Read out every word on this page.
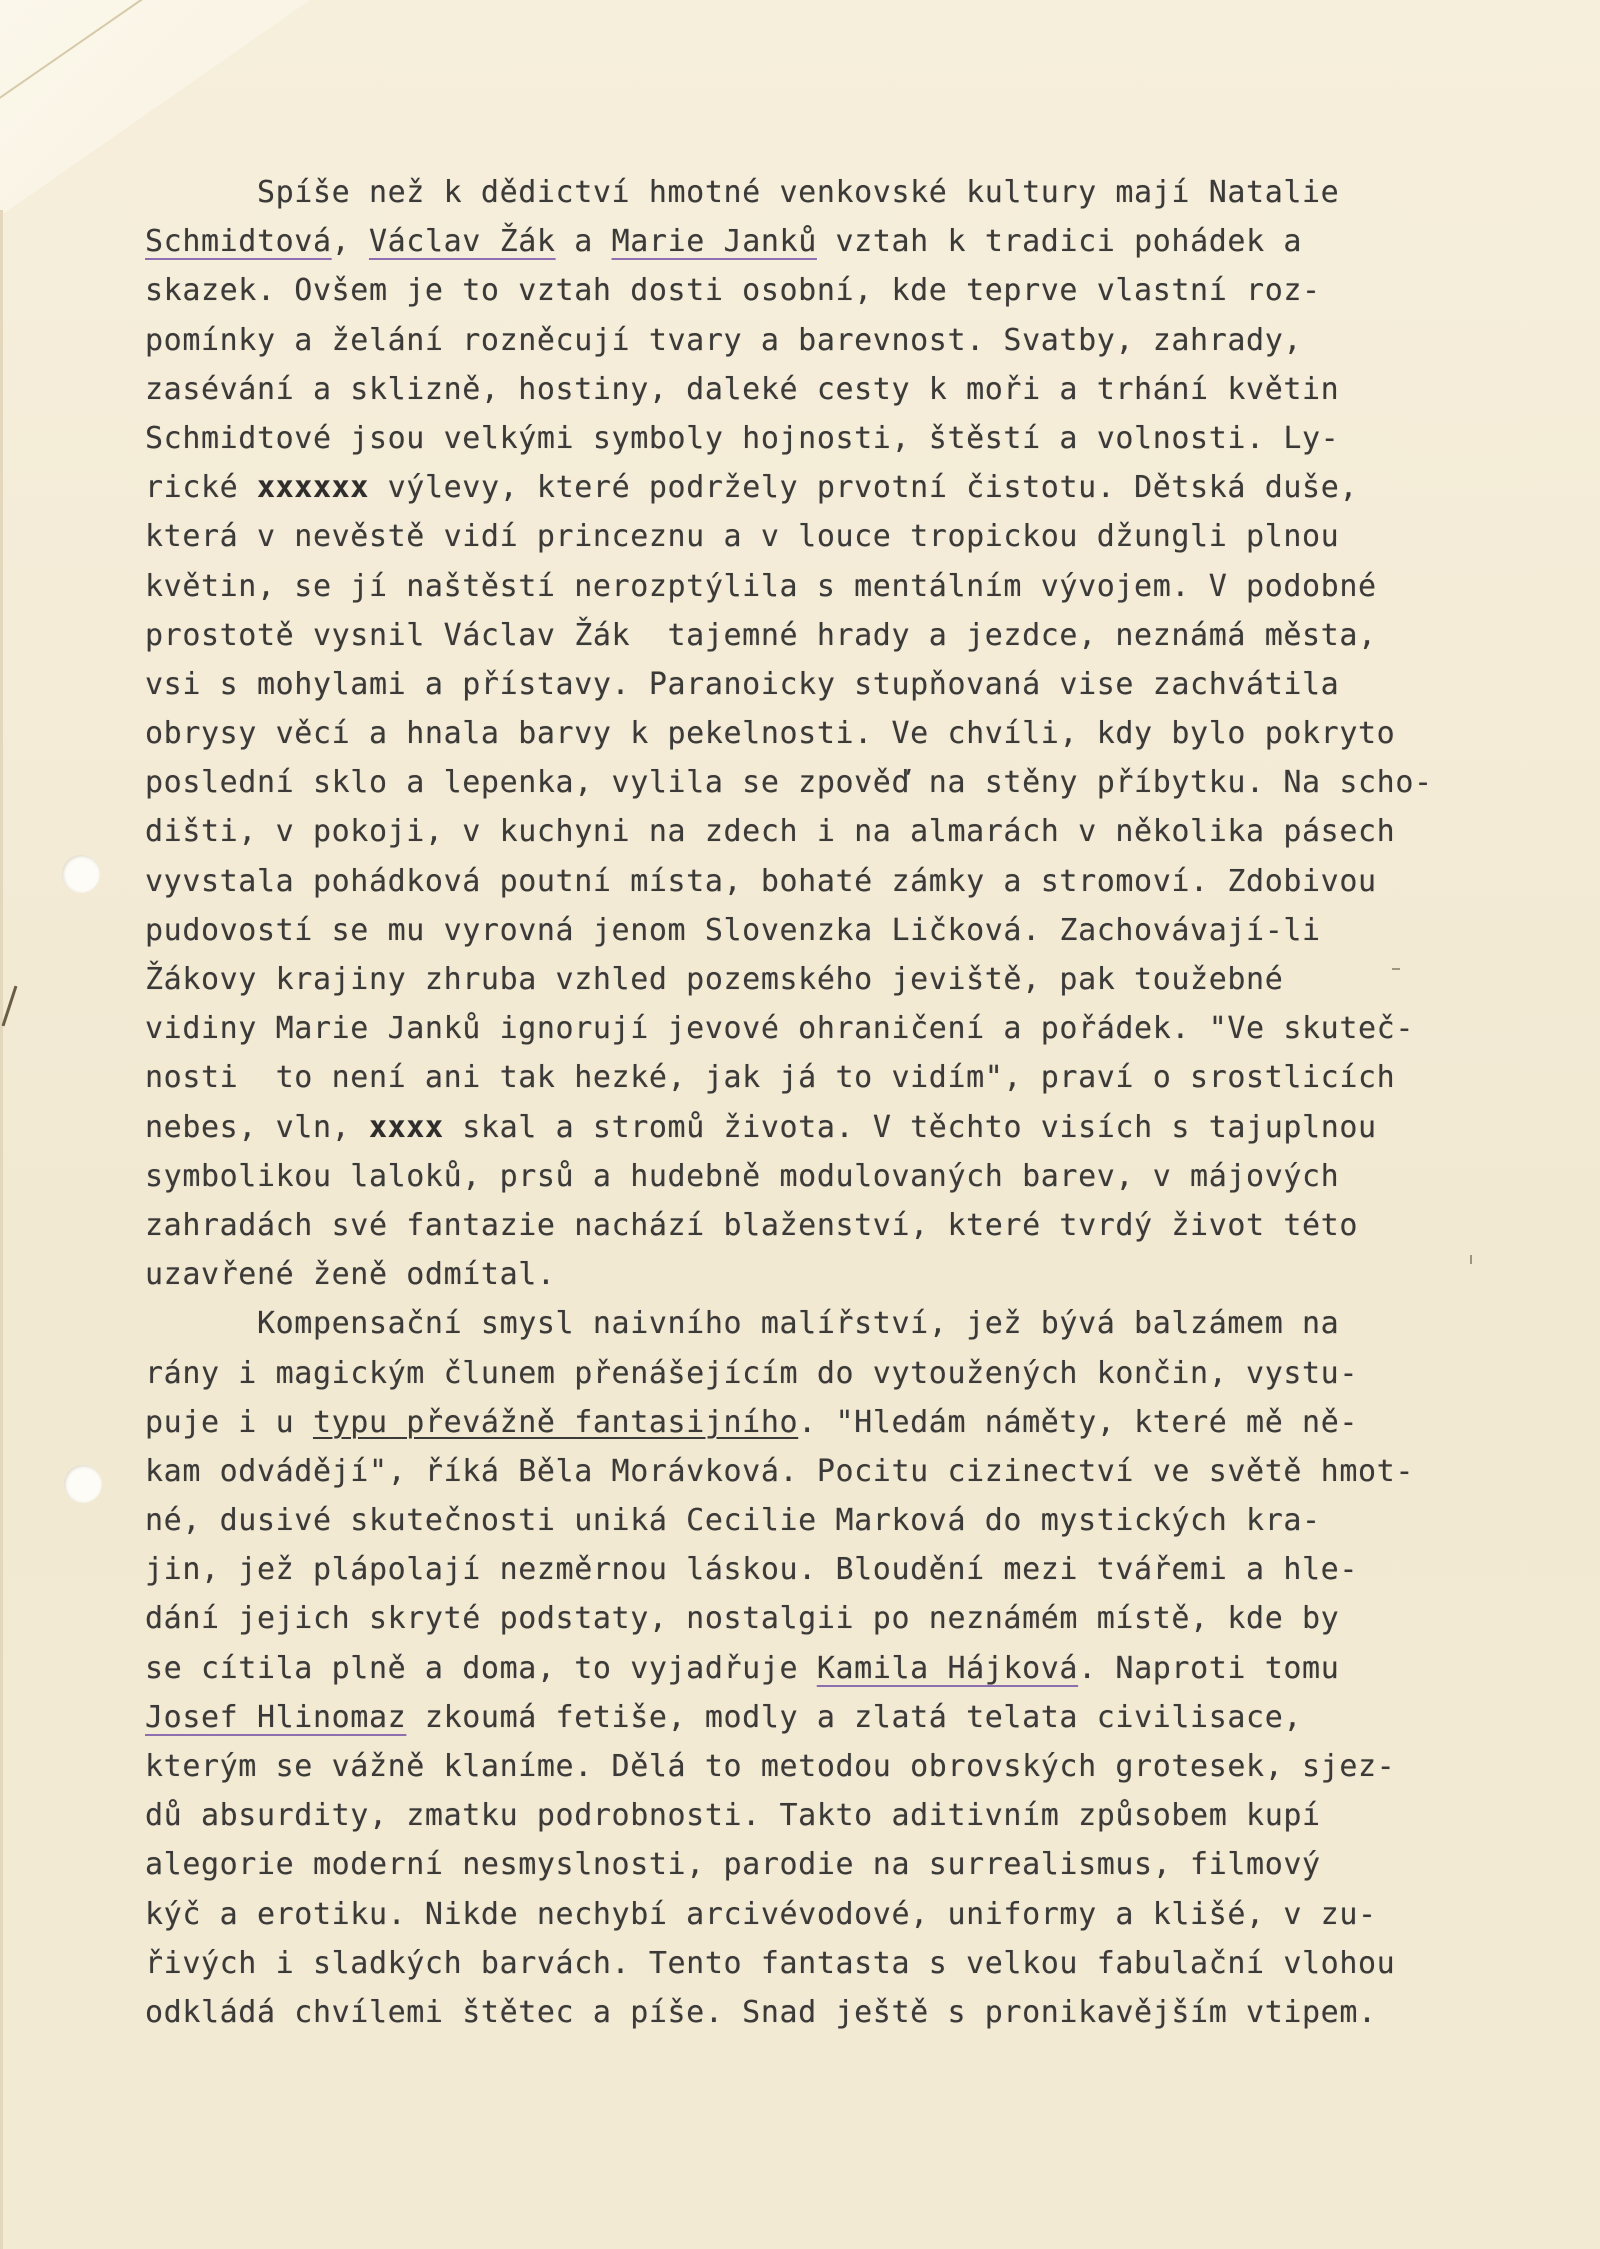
Spíše než k dědictví hmotné venkovské kultury mají Natalie
Schmidtová, Václav Žák a Marie Janků vztah k tradici pohádek a
skazek. Ovšem je to vztah dosti osobní, kde teprve vlastní roz-
pomínky a želání rozněcují tvary a barevnost. Svatby, zahrady,
zasévání a sklizně, hostiny, daleké cesty k moři a trhání květin
Schmidtové jsou velkými symboly hojnosti, štěstí a volnosti. Ly-
rické xxxxxx výlevy, které podržely prvotní čistotu. Dětská duše,
která v nevěstě vidí princeznu a v louce tropickou džungli plnou
květin, se jí naštěstí nerozptýlila s mentálním vývojem. V podobné
prostotě vysnil Václav Žák  tajemné hrady a jezdce, neznámá města,
vsi s mohylami a přístavy. Paranoicky stupňovaná vise zachvátila
obrysy věcí a hnala barvy k pekelnosti. Ve chvíli, kdy bylo pokryto
poslední sklo a lepenka, vylila se zpověď na stěny příbytku. Na scho-
dišti, v pokoji, v kuchyni na zdech i na almarách v několika pásech
vyvstala pohádková poutní místa, bohaté zámky a stromoví. Zdobivou
pudovostí se mu vyrovná jenom Slovenzka Ličková. Zachovávají-li
Žákovy krajiny zhruba vzhled pozemského jeviště, pak toužebné
vidiny Marie Janků ignorují jevové ohraničení a pořádek. "Ve skuteč-
nosti  to není ani tak hezké, jak já to vidím", praví o srostlicích
nebes, vln, xxxx skal a stromů života. V těchto visích s tajuplnou
symbolikou laloků, prsů a hudebně modulovaných barev, v májových
zahradách své fantazie nachází blaženství, které tvrdý život této
uzavřené ženě odmítal.
Kompensační smysl naivního malířství, jež bývá balzámem na
rány i magickým člunem přenášejícím do vytoužených končin, vystu-
puje i u typu převážně fantasijního. "Hledám náměty, které mě ně-
kam odvádějí", říká Běla Morávková. Pocitu cizinectví ve světě hmot-
né, dusivé skutečnosti uniká Cecilie Marková do mystických kra-
jin, jež plápolají nezměrnou láskou. Bloudění mezi tvářemi a hle-
dání jejich skryté podstaty, nostalgii po neznámém místě, kde by
se cítila plně a doma, to vyjadřuje Kamila Hájková. Naproti tomu
Josef Hlinomaz zkoumá fetiše, modly a zlatá telata civilisace,
kterým se vážně klaníme. Dělá to metodou obrovských grotesek, sjez-
dů absurdity, zmatku podrobnosti. Takto aditivním způsobem kupí
alegorie moderní nesmyslnosti, parodie na surrealismus, filmový
kýč a erotiku. Nikde nechybí arcivévodové, uniformy a klišé, v zu-
řivých i sladkých barvách. Tento fantasta s velkou fabulační vlohou
odkládá chvílemi štětec a píše. Snad ještě s pronikavějším vtipem.
